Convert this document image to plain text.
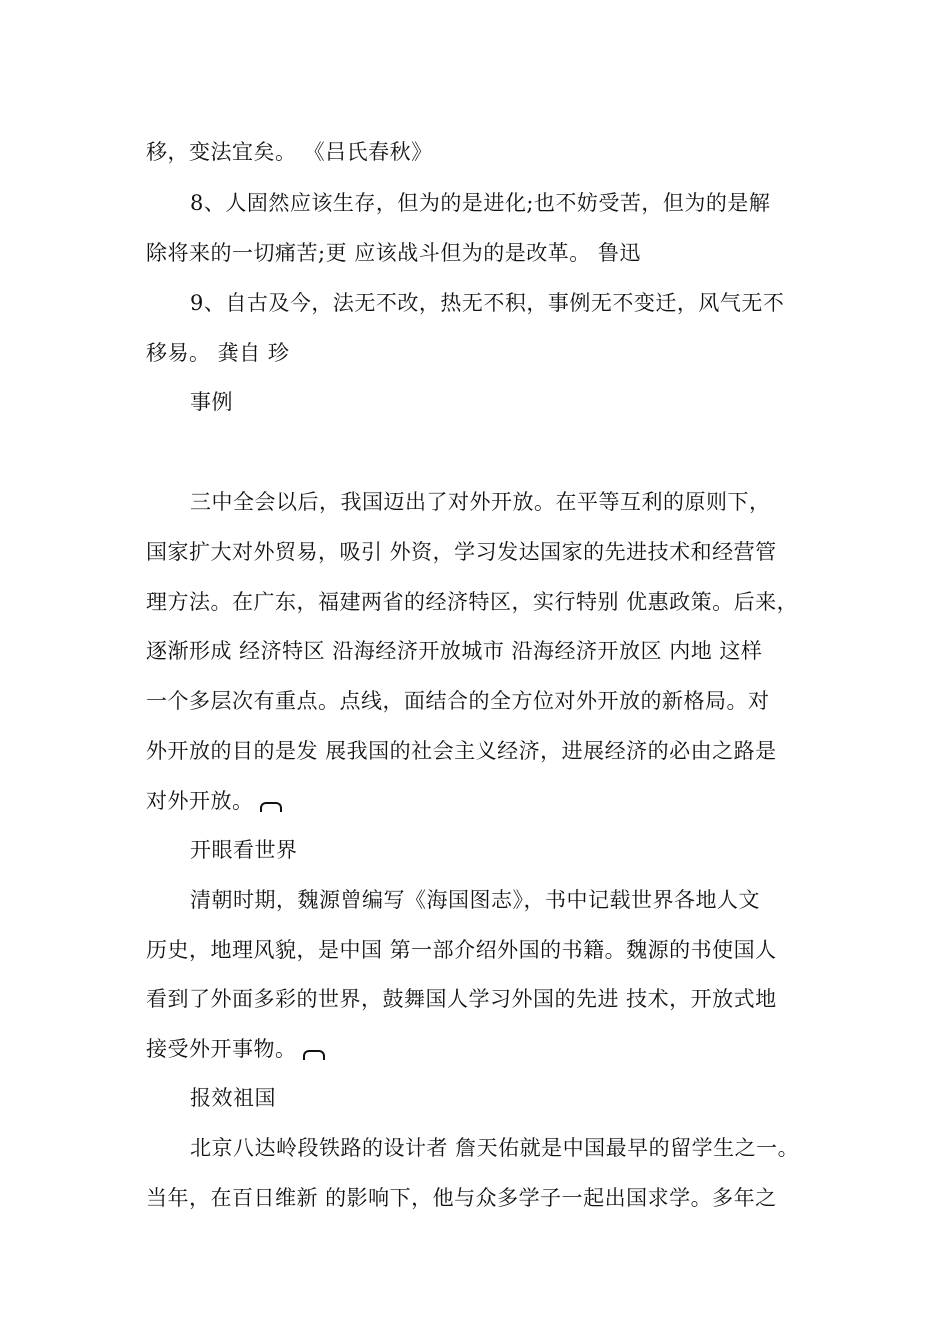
移，变法宜矣。 《吕氏春秋》
8、人固然应该生存，但为的是进化;也不妨受苦，但为的是解
除将来的一切痛苦;更 应该战斗但为的是改革。 鲁迅
9、自古及今，法无不改，热无不积，事例无不变迁，风气无不
移易。 龚自 珍
事例
三中全会以后，我国迈出了对外开放。在平等互利的原则下，
国家扩大对外贸易，吸引 外资，学习发达国家的先进技术和经营管
理方法。在广东，福建两省的经济特区，实行特别 优惠政策。后来，
逐渐形成 经济特区 沿海经济开放城市 沿海经济开放区 内地 这样
一个多层次有重点。点线，面结合的全方位对外开放的新格局。对
外开放的目的是发 展我国的社会主义经济，进展经济的必由之路是
对外开放。
开眼看世界
清朝时期，魏源曾编写《海国图志》，书中记载世界各地人文
历史，地理风貌，是中国 第一部介绍外国的书籍。魏源的书使国人
看到了外面多彩的世界，鼓舞国人学习外国的先进 技术，开放式地
接受外开事物。
报效祖国
北京八达岭段铁路的设计者 詹天佑就是中国最早的留学生之一。
当年，在百日维新 的影响下，他与众多学子一起出国求学。多年之
